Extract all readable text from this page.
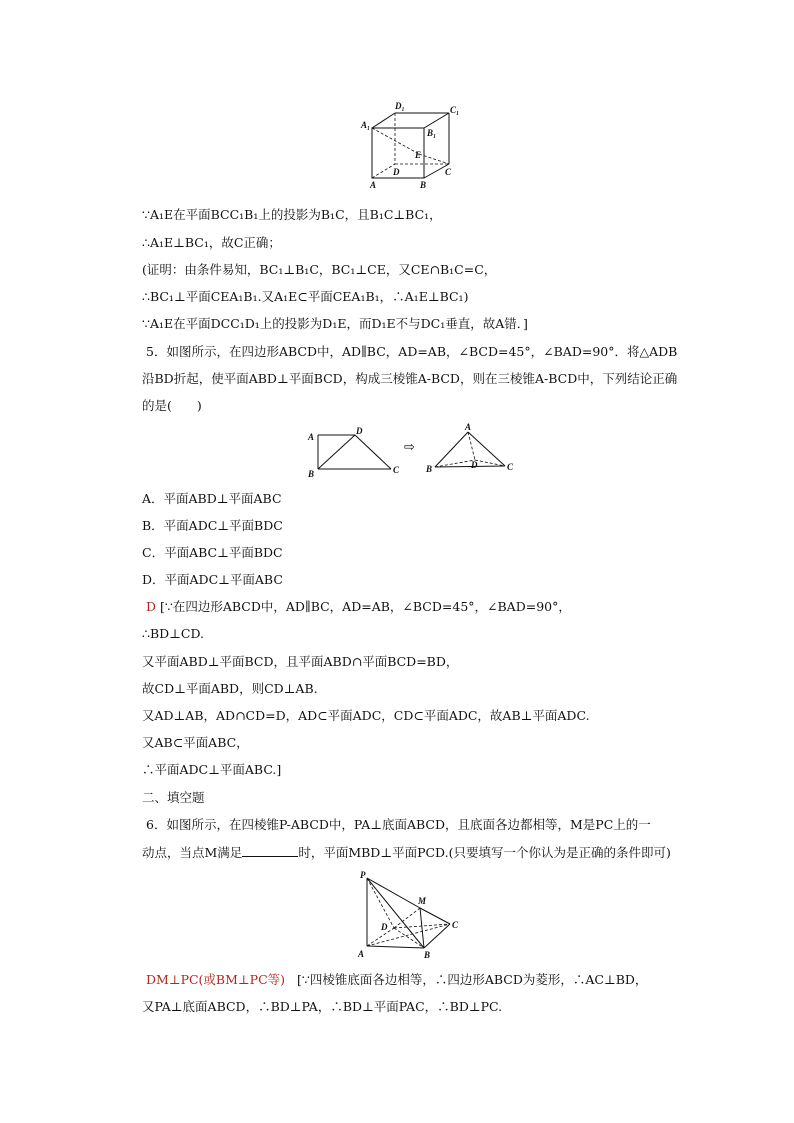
D₁	C₁
A₁
B₁
E
D	C
A	B
∵A₁E在平面BCC₁B₁上的投影为B₁C，且B₁C⊥BC₁，
∴A₁E⊥BC₁，故C正确；
(证明：由条件易知，BC₁⊥B₁C，BC₁⊥CE，又CE∩B₁C=C，
∴BC₁⊥平面CEA₁B₁.又A₁E⊂平面CEA₁B₁，∴A₁E⊥BC₁)
∵A₁E在平面DCC₁D₁上的投影为D₁E，而D₁E不与DC₁垂直，故A错．]
5．如图所示，在四边形ABCD中，AD∥BC，AD=AB，∠BCD=45°，∠BAD=90°．将△ADB
沿BD折起，使平面ABD⊥平面BCD，构成三棱锥A-BCD，则在三棱锥A-BCD中，下列结论正确
的是(　　)
A
D
B	C
⇨
A
B	D	C
A．平面ABD⊥平面ABC
B．平面ADC⊥平面BDC
C．平面ABC⊥平面BDC
D．平面ADC⊥平面ABC
D [∵在四边形ABCD中，AD∥BC，AD=AB，∠BCD=45°，∠BAD=90°，
∴BD⊥CD.
又平面ABD⊥平面BCD，且平面ABD∩平面BCD=BD，
故CD⊥平面ABD，则CD⊥AB.
又AD⊥AB，AD∩CD=D，AD⊂平面ADC，CD⊂平面ADC，故AB⊥平面ADC.
又AB⊂平面ABC，
∴平面ADC⊥平面ABC.]
二、填空题
6．如图所示，在四棱锥P-ABCD中，PA⊥底面ABCD，且底面各边都相等，M是PC上的一
动点，当点M满足	时，平面MBD⊥平面PCD.(只要填写一个你认为是正确的条件即可)
P
M
D	C
A	B
DM⊥PC(或BM⊥PC等) [∵四棱锥底面各边相等，∴四边形ABCD为菱形，∴AC⊥BD，
又PA⊥底面ABCD，∴BD⊥PA，∴BD⊥平面PAC，∴BD⊥PC.
